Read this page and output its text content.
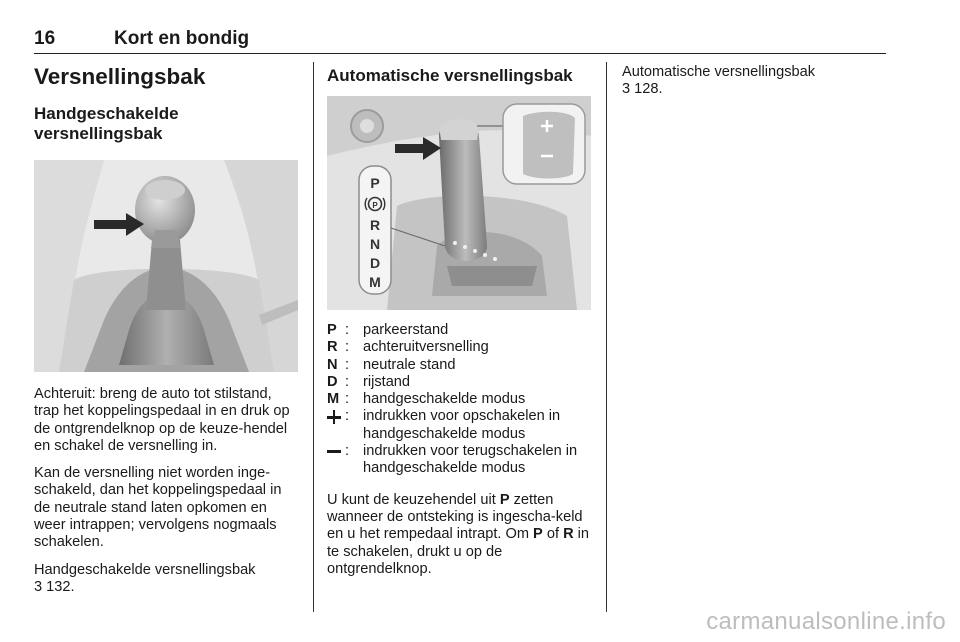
16	Kort en bondig
Versnellingsbak
Handgeschakelde
versnellingsbak

Achteruit: breng de auto tot stilstand, trap het koppelingspedaal in en druk op de ontgrendelknop op de keuze-hendel en schakel de versnelling in.

Kan de versnelling niet worden inge-schakeld, dan het koppelingspedaal in de neutrale stand laten opkomen en weer intrappen; vervolgens nogmaals schakelen.

Handgeschakelde versnellingsbak
3 132.

Automatische versnellingsbak
P
P
R
N
D
M
P : parkeerstand
R : achteruitversnelling
N : neutrale stand
D : rijstand
M : handgeschakelde modus
: indrukken voor opschakelen in handgeschakelde modus
: indrukken voor terugschakelen in handgeschakelde modus

U kunt de keuzehendel uit P zetten wanneer de ontsteking is ingescha-keld en u het rempedaal intrapt. Om P of R in te schakelen, drukt u op de ontgrendelknop.

Automatische versnellingsbak
3 128.

carmanualsonline.info
